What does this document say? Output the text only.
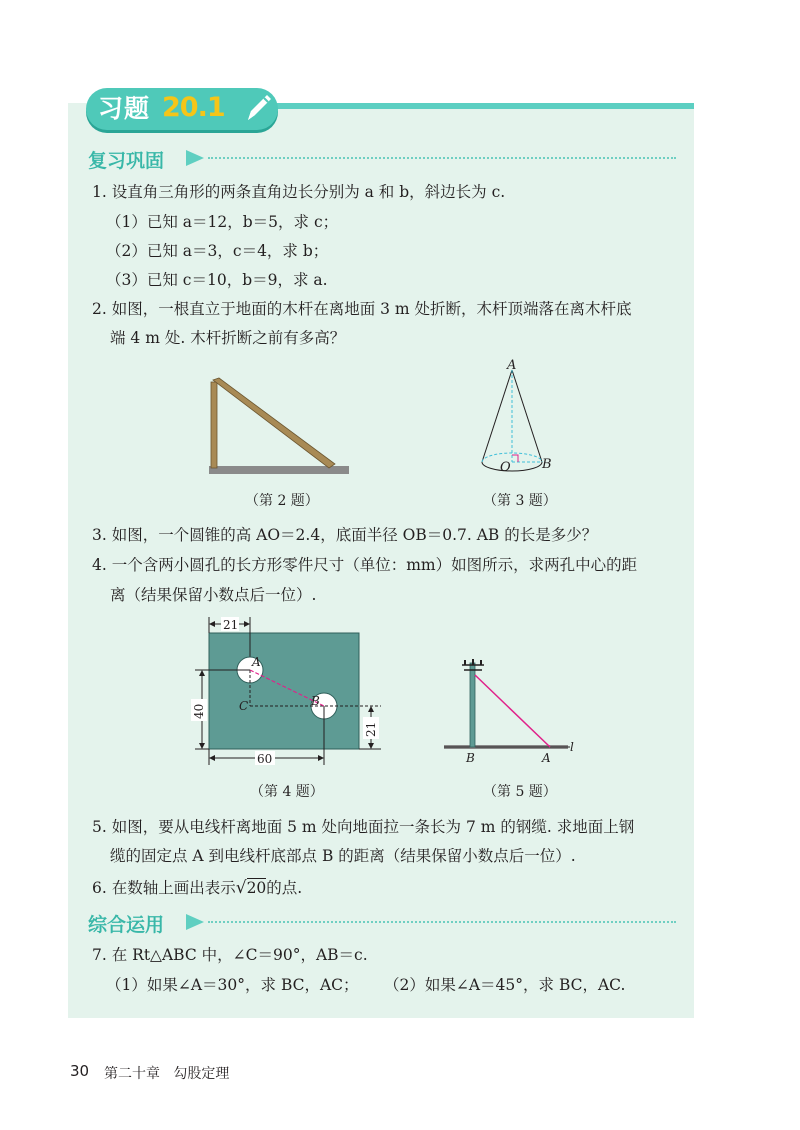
习题 20.1
复习巩固
1. 设直角三角形的两条直角边长分别为 a 和 b，斜边长为 c.
（1）已知 a＝12，b＝5，求 c；
（2）已知 a＝3，c＝4，求 b；
（3）已知 c＝10，b＝9，求 a.
2. 如图，一根直立于地面的木杆在离地面 3 m 处折断，木杆顶端落在离木杆底
端 4 m 处. 木杆折断之前有多高？
（第 2 题）
A
O B
（第 3 题）
3. 如图，一个圆锥的高 AO＝2.4，底面半径 OB＝0.7. AB 的长是多少？
4. 一个含两小圆孔的长方形零件尺寸（单位：mm）如图所示，求两孔中心的距
离（结果保留小数点后一位）.
21
40
60
21
A
B
C
（第 4 题）
B	A
l
（第 5 题）
5. 如图，要从电线杆离地面 5 m 处向地面拉一条长为 7 m 的钢缆. 求地面上钢
缆的固定点 A 到电线杆底部点 B 的距离（结果保留小数点后一位）.
6. 在数轴上画出表示√20的点.
综合运用
7. 在 Rt△ABC 中，∠C＝90°，AB＝c.
（1）如果∠A＝30°，求 BC，AC； （2）如果∠A＝45°，求 BC，AC.
30 第二十章 勾股定理
